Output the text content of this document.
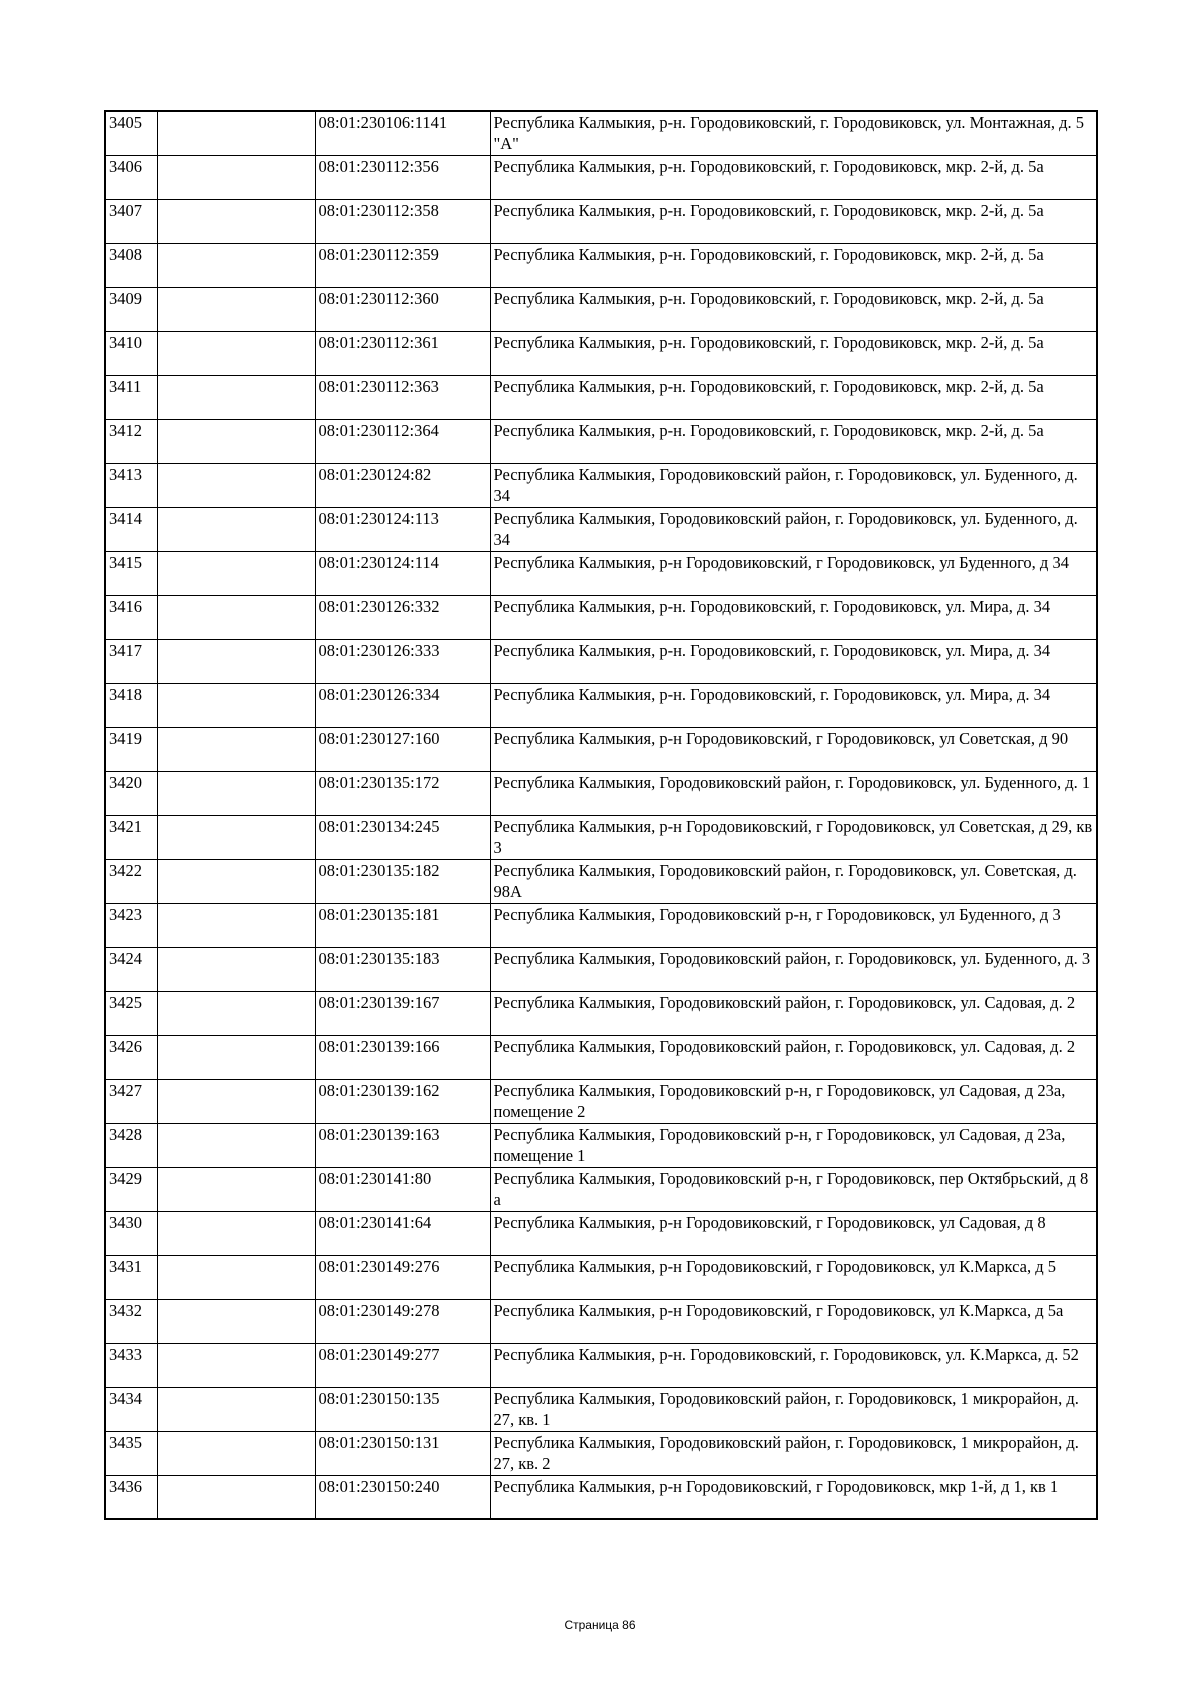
3405		08:01:230106:1141	Республика Калмыкия, р-н. Городовиковский, г. Городовиковск, ул. Монтажная, д. 5 "А"
3406		08:01:230112:356	Республика Калмыкия, р-н. Городовиковский, г. Городовиковск, мкр. 2-й, д. 5а
3407		08:01:230112:358	Республика Калмыкия, р-н. Городовиковский, г. Городовиковск, мкр. 2-й, д. 5а
3408		08:01:230112:359	Республика Калмыкия, р-н. Городовиковский, г. Городовиковск, мкр. 2-й, д. 5а
3409		08:01:230112:360	Республика Калмыкия, р-н. Городовиковский, г. Городовиковск, мкр. 2-й, д. 5а
3410		08:01:230112:361	Республика Калмыкия, р-н. Городовиковский, г. Городовиковск, мкр. 2-й, д. 5а
3411		08:01:230112:363	Республика Калмыкия, р-н. Городовиковский, г. Городовиковск, мкр. 2-й, д. 5а
3412		08:01:230112:364	Республика Калмыкия, р-н. Городовиковский, г. Городовиковск, мкр. 2-й, д. 5а
3413		08:01:230124:82	Республика Калмыкия, Городовиковский район, г. Городовиковск, ул. Буденного, д. 34
3414		08:01:230124:113	Республика Калмыкия, Городовиковский район, г. Городовиковск, ул. Буденного, д. 34
3415		08:01:230124:114	Республика Калмыкия, р-н Городовиковский, г Городовиковск, ул Буденного, д 34
3416		08:01:230126:332	Республика Калмыкия, р-н. Городовиковский, г. Городовиковск, ул. Мира, д. 34
3417		08:01:230126:333	Республика Калмыкия, р-н. Городовиковский, г. Городовиковск, ул. Мира, д. 34
3418		08:01:230126:334	Республика Калмыкия, р-н. Городовиковский, г. Городовиковск, ул. Мира, д. 34
3419		08:01:230127:160	Республика Калмыкия, р-н Городовиковский, г Городовиковск, ул Советская, д 90
3420		08:01:230135:172	Республика Калмыкия, Городовиковский район, г. Городовиковск, ул. Буденного, д. 1
3421		08:01:230134:245	Республика Калмыкия, р-н Городовиковский, г Городовиковск, ул Советская, д 29, кв 3
3422		08:01:230135:182	Республика Калмыкия, Городовиковский район, г. Городовиковск, ул. Советская, д. 98А
3423		08:01:230135:181	Республика Калмыкия, Городовиковский р-н, г Городовиковск, ул Буденного, д 3
3424		08:01:230135:183	Республика Калмыкия, Городовиковский район, г. Городовиковск, ул. Буденного, д. 3
3425		08:01:230139:167	Республика Калмыкия, Городовиковский район, г. Городовиковск, ул. Садовая, д. 2
3426		08:01:230139:166	Республика Калмыкия, Городовиковский район, г. Городовиковск, ул. Садовая, д. 2
3427		08:01:230139:162	Республика Калмыкия, Городовиковский р-н, г Городовиковск, ул Садовая, д 23а, помещение 2
3428		08:01:230139:163	Республика Калмыкия, Городовиковский р-н, г Городовиковск, ул Садовая, д 23а, помещение 1
3429		08:01:230141:80	Республика Калмыкия, Городовиковский р-н, г Городовиковск, пер Октябрьский, д 8 а
3430		08:01:230141:64	Республика Калмыкия, р-н Городовиковский, г Городовиковск, ул Садовая, д 8
3431		08:01:230149:276	Республика Калмыкия, р-н Городовиковский, г Городовиковск, ул К.Маркса, д 5
3432		08:01:230149:278	Республика Калмыкия, р-н Городовиковский, г Городовиковск, ул К.Маркса, д 5а
3433		08:01:230149:277	Республика Калмыкия, р-н. Городовиковский, г. Городовиковск, ул. К.Маркса, д. 52
3434		08:01:230150:135	Республика Калмыкия, Городовиковский район, г. Городовиковск, 1 микрорайон, д. 27, кв. 1
3435		08:01:230150:131	Республика Калмыкия, Городовиковский район, г. Городовиковск, 1 микрорайон, д. 27, кв. 2
3436		08:01:230150:240	Республика Калмыкия, р-н Городовиковский, г Городовиковск, мкр 1-й, д 1, кв 1
Страница 86
